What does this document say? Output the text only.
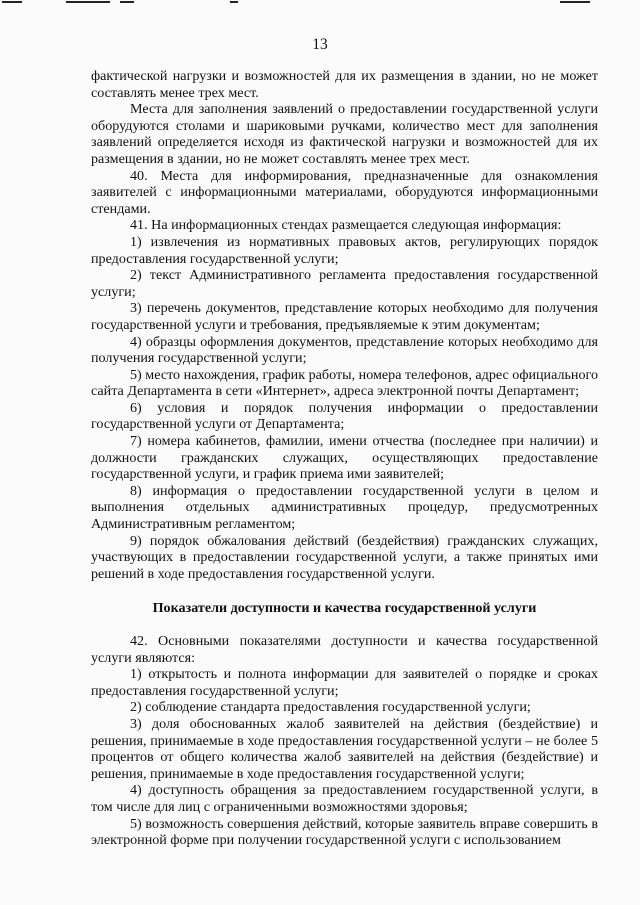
13

фактической нагрузки и возможностей для их размещения в здании, но не может составлять менее трех мест.

Места для заполнения заявлений о предоставлении государственной услуги оборудуются столами и шариковыми ручками, количество мест для заполнения заявлений определяется исходя из фактической нагрузки и возможностей для их размещения в здании, но не может составлять менее трех мест.

40. Места для информирования, предназначенные для ознакомления заявителей с информационными материалами, оборудуются информационными стендами.

41. На информационных стендах размещается следующая информация:

1) извлечения из нормативных правовых актов, регулирующих порядок предоставления государственной услуги;

2) текст Административного регламента предоставления государственной услуги;

3) перечень документов, представление которых необходимо для получения государственной услуги и требования, предъявляемые к этим документам;

4) образцы оформления документов, представление которых необходимо для получения государственной услуги;

5) место нахождения, график работы, номера телефонов, адрес официального сайта Департамента в сети «Интернет», адреса электронной почты Департамент;

6) условия и порядок получения информации о предоставлении государственной услуги от Департамента;

7) номера кабинетов, фамилии, имени отчества (последнее при наличии) и должности гражданских служащих, осуществляющих предоставление государственной услуги, и график приема ими заявителей;

8) информация о предоставлении государственной услуги в целом и выполнения отдельных административных процедур, предусмотренных Административным регламентом;

9) порядок обжалования действий (бездействия) гражданских служащих, участвующих в предоставлении государственной услуги, а также принятых ими решений в ходе предоставления государственной услуги.

Показатели доступности и качества государственной услуги

42. Основными показателями доступности и качества государственной услуги являются:

1) открытость и полнота информации для заявителей о порядке и сроках предоставления государственной услуги;

2) соблюдение стандарта предоставления государственной услуги;

3) доля обоснованных жалоб заявителей на действия (бездействие) и решения, принимаемые в ходе предоставления государственной услуги – не более 5 процентов от общего количества жалоб заявителей на действия (бездействие) и решения, принимаемые в ходе предоставления государственной услуги;

4) доступность обращения за предоставлением государственной услуги, в том числе для лиц с ограниченными возможностями здоровья;

5) возможность совершения действий, которые заявитель вправе совершить в электронной форме при получении государственной услуги с использованием
